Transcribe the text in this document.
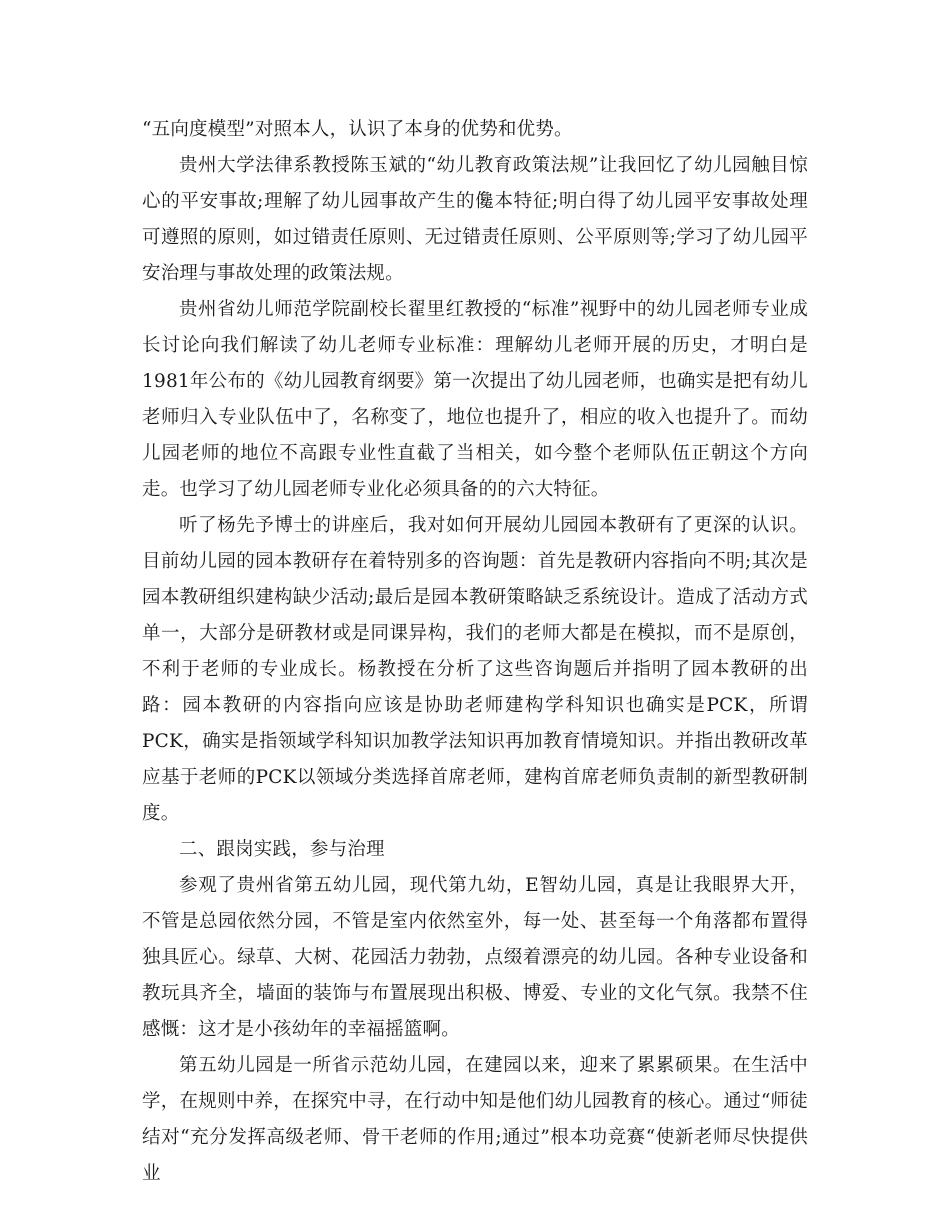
“五向度模型”对照本人，认识了本身的优势和优势。

贵州大学法律系教授陈玉斌的“幼儿教育政策法规”让我回忆了幼儿园触目惊心的平安事故;理解了幼儿园事故产生的儳本特征;明白得了幼儿园平安事故处理可遵照的原则，如过错责任原则、无过错责任原则、公平原则等;学习了幼儿园平安治理与事故处理的政策法规。

贵州省幼儿师范学院副校长翟里红教授的“标准”视野中的幼儿园老师专业成长讨论向我们解读了幼儿老师专业标准：理解幼儿老师开展的历史，才明白是1981年公布的《幼儿园教育纲要》第一次提出了幼儿园老师，也确实是把有幼儿老师归入专业队伍中了，名称变了，地位也提升了，相应的收入也提升了。而幼儿园老师的地位不高跟专业性直截了当相关，如今整个老师队伍正朝这个方向走。也学习了幼儿园老师专业化必须具备的的六大特征。

听了杨先予博士的讲座后，我对如何开展幼儿园园本教研有了更深的认识。目前幼儿园的园本教研存在着特别多的咨询题：首先是教研内容指向不明;其次是园本教研组织建构缺少活动;最后是园本教研策略缺乏系统设计。造成了活动方式单一，大部分是研教材或是同课异构，我们的老师大都是在模拟，而不是原创，不利于老师的专业成长。杨教授在分析了这些咨询题后并指明了园本教研的出路：园本教研的内容指向应该是协助老师建构学科知识也确实是PCK，所谓PCK，确实是指领域学科知识加教学法知识再加教育情境知识。并指出教研改革应基于老师的PCK以领域分类选择首席老师，建构首席老师负责制的新型教研制度。

二、跟岗实践，参与治理

参观了贵州省第五幼儿园，现代第九幼，E智幼儿园，真是让我眼界大开，不管是总园依然分园，不管是室内依然室外，每一处、甚至每一个角落都布置得独具匠心。绿草、大树、花园活力勃勃，点缀着漂亮的幼儿园。各种专业设备和教玩具齐全，墙面的装饰与布置展现出积极、博爱、专业的文化气氛。我禁不住感慨：这才是小孩幼年的幸福摇篮啊。

第五幼儿园是一所省示范幼儿园，在建园以来，迎来了累累硕果。在生活中学，在规则中养，在探究中寻，在行动中知是他们幼儿园教育的核心。通过“师徒结对“充分发挥高级老师、骨干老师的作用;通过”根本功竞赛“使新老师尽快提供业
